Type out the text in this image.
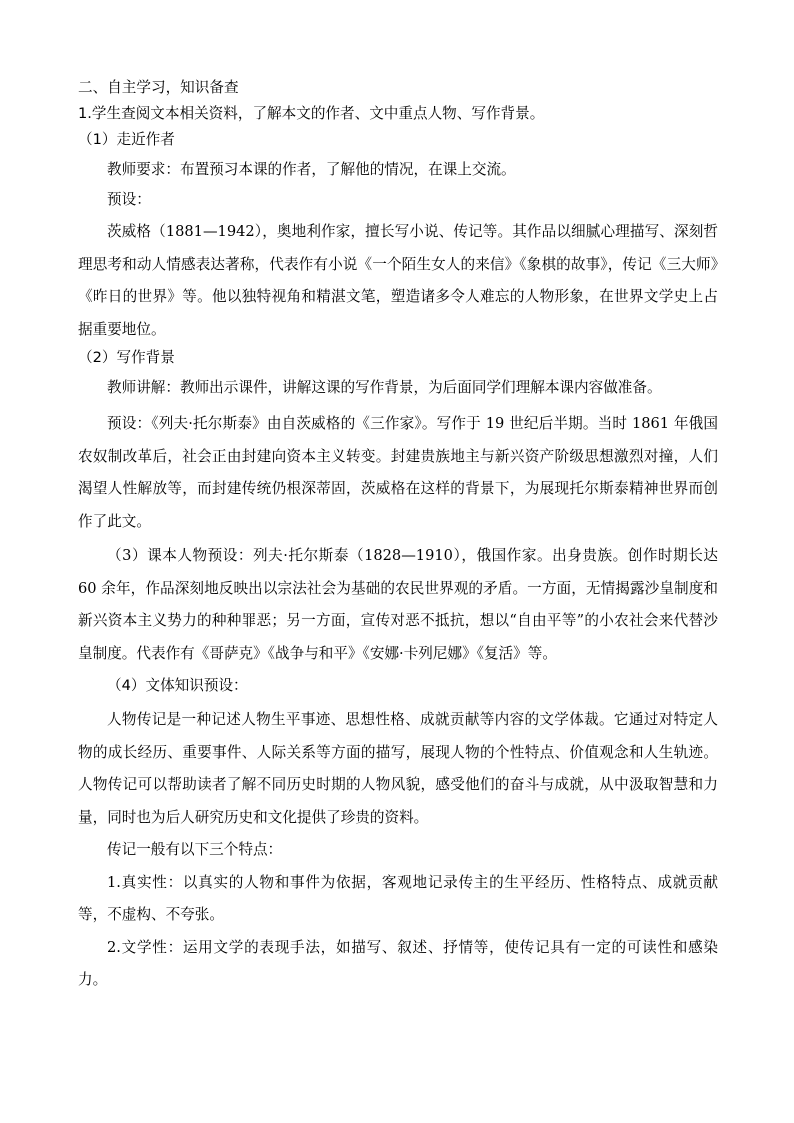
二、自主学习，知识备查

1.学生查阅文本相关资料，了解本文的作者、文中重点人物、写作背景。

（1）走近作者

教师要求：布置预习本课的作者，了解他的情况，在课上交流。

预设：

茨威格（1881—1942），奥地利作家，擅长写小说、传记等。其作品以细腻心理描写、深刻哲理思考和动人情感表达著称，代表作有小说《一个陌生女人的来信》《象棋的故事》，传记《三大师》《昨日的世界》等。他以独特视角和精湛文笔，塑造诸多令人难忘的人物形象，在世界文学史上占据重要地位。

（2）写作背景

教师讲解：教师出示课件，讲解这课的写作背景，为后面同学们理解本课内容做准备。

预设：《列夫·托尔斯泰》由自茨威格的《三作家》。写作于 19 世纪后半期。当时 1861 年俄国农奴制改革后，社会正由封建向资本主义转变。封建贵族地主与新兴资产阶级思想激烈对撞，人们渴望人性解放等，而封建传统仍根深蒂固，茨威格在这样的背景下，为展现托尔斯泰精神世界而创作了此文。

（3）课本人物预设：列夫·托尔斯泰（1828—1910），俄国作家。出身贵族。创作时期长达 60 余年，作品深刻地反映出以宗法社会为基础的农民世界观的矛盾。一方面，无情揭露沙皇制度和新兴资本主义势力的种种罪恶；另一方面，宣传对恶不抵抗，想以“自由平等”的小农社会来代替沙皇制度。代表作有《哥萨克》《战争与和平》《安娜·卡列尼娜》《复活》等。

（4）文体知识预设：

人物传记是一种记述人物生平事迹、思想性格、成就贡献等内容的文学体裁。它通过对特定人物的成长经历、重要事件、人际关系等方面的描写，展现人物的个性特点、价值观念和人生轨迹。人物传记可以帮助读者了解不同历史时期的人物风貌，感受他们的奋斗与成就，从中汲取智慧和力量，同时也为后人研究历史和文化提供了珍贵的资料。

传记一般有以下三个特点：

1.真实性：以真实的人物和事件为依据，客观地记录传主的生平经历、性格特点、成就贡献等，不虚构、不夸张。

2.文学性：运用文学的表现手法，如描写、叙述、抒情等，使传记具有一定的可读性和感染力。
